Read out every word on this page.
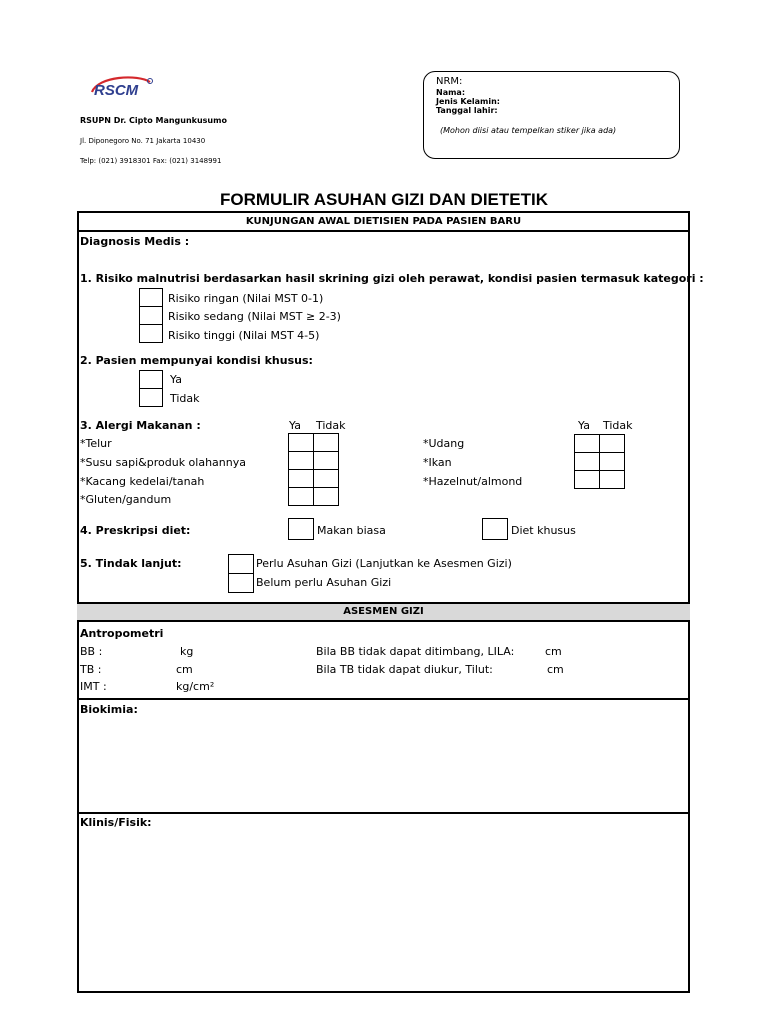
RSCM
RSUPN Dr. Cipto Mangunkusumo
Jl. Diponegoro No. 71 Jakarta 10430
Telp: (021) 3918301 Fax: (021) 3148991
NRM:
Nama:
Jenis Kelamin:
Tanggal lahir:
(Mohon diisi atau tempelkan stiker jika ada)
FORMULIR ASUHAN GIZI DAN DIETETIK
KUNJUNGAN AWAL DIETISIEN PADA PASIEN BARU
Diagnosis Medis :
1. Risiko malnutrisi berdasarkan hasil skrining gizi oleh perawat, kondisi pasien termasuk kategori :
Risiko ringan (Nilai MST 0-1)
Risiko sedang (Nilai MST ≥ 2-3)
Risiko tinggi (Nilai MST 4-5)
2. Pasien mempunyai kondisi khusus:
Ya
Tidak
3. Alergi Makanan :	Ya Tidak	Ya Tidak
*Telur
*Susu sapi&produk olahannya
*Kacang kedelai/tanah
*Gluten/gandum

*Udang
*Ikan
*Hazelnut/almond

4. Preskripsi diet:	Makan biasa	Diet khusus
5. Tindak lanjut:	Perlu Asuhan Gizi (Lanjutkan ke Asesmen Gizi)
Belum perlu Asuhan Gizi
ASESMEN GIZI
Antropometri
BB :	kg
TB :	cm
IMT :	kg/cm²
Bila BB tidak dapat ditimbang, LILA:	cm
Bila TB tidak dapat diukur, Tilut:	cm
Biokimia:
Klinis/Fisik:
